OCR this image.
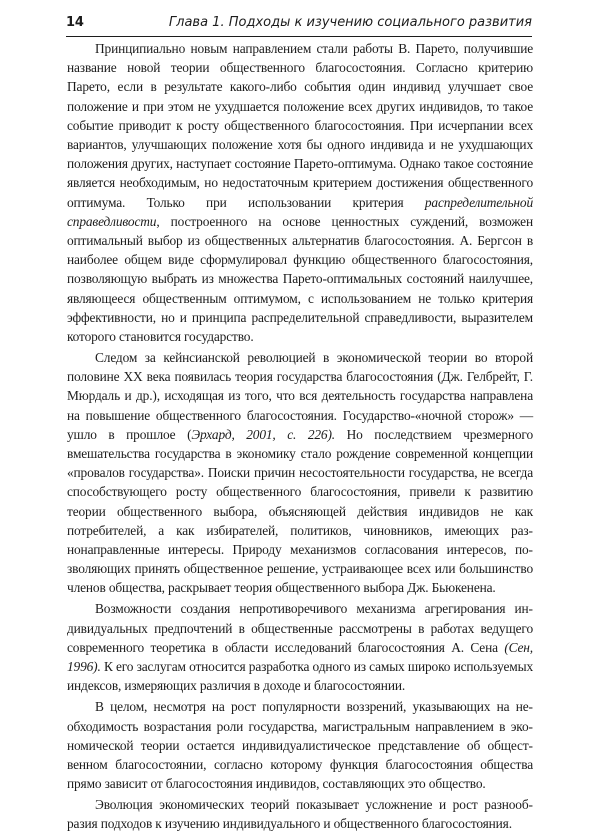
14	Глава 1. Подходы к изучению социального развития

Принципиально новым направлением стали работы В. Парето, получившие название новой теории общественного благосостояния. Согласно критерию Парето, если в результате какого-либо события один индивид улучшает свое положение и при этом не ухудшается положение всех других индивидов, то такое событие приводит к росту общественного благосостояния. При исчерпании всех вариантов, улучшающих положение хотя бы одного индивида и не ухудшающих положения других, наступает состояние Парето-оптимума. Однако такое состояние является необходимым, но недостаточным критерием достижения общественного оптимума. Только при использовании критерия распределительной справедливости, построенного на основе ценностных суждений, возможен оптимальный выбор из общественных альтернатив благосостояния. А. Бергсон в наиболее общем виде сформулировал функцию общественного благосостояния, позволяющую выбрать из множества Парето-оптимальных состояний наилучшее, являющееся общественным оптимумом, с использованием не только критерия эффективности, но и принципа распределительной справедливости, выразителем которого становится государство.

Следом за кейнсианской революцией в экономической теории во второй половине XX века появилась теория государства благосостояния (Дж. Гелбрейт, Г. Мюрдаль и др.), исходящая из того, что вся деятельность государства направлена на повышение общественного благосостояния. Государство-«ночной сторож» — ушло в прошлое (Эрхард, 2001, с. 226). Но последствием чрезмерного вмешательства государства в экономику стало рождение современной концепции «провалов государства». Поиски причин несостоятельности государства, не всегда способствующего росту общественного благосостояния, привели к развитию теории общественного выбора, объясняющей действия индивидов не как потребителей, а как избирателей, политиков, чиновников, имеющих разнонаправленные интересы. Природу механизмов согласования интересов, позволяющих принять общественное решение, устраивающее всех или большинство членов общества, раскрывает теория общественного выбора Дж. Бьюкенена.

Возможности создания непротиворечивого механизма агрегирования индивидуальных предпочтений в общественные рассмотрены в работах ведущего современного теоретика в области исследований благосостояния А. Сена (Сен, 1996). К его заслугам относится разработка одного из самых широко используемых индексов, измеряющих различия в доходе и благосостоянии.

В целом, несмотря на рост популярности воззрений, указывающих на необходимость возрастания роли государства, магистральным направлением в экономической теории остается индивидуалистическое представление об общественном благосостоянии, согласно которому функция благосостояния общества прямо зависит от благосостояния индивидов, составляющих это общество.

Эволюция экономических теорий показывает усложнение и рост разнообразия подходов к изучению индивидуального и общественного благосостояния.
